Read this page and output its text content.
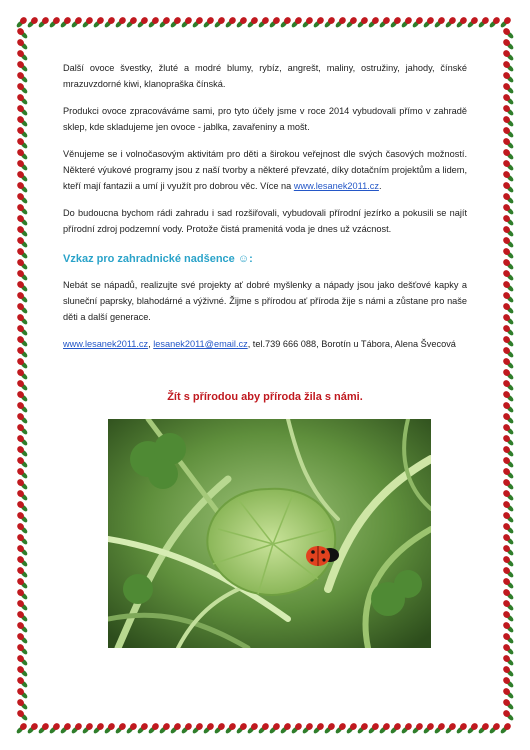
Další ovoce švestky, žluté a modré blumy, rybíz, angrešt, maliny, ostružiny, jahody, čínské mrazuvzdorné kiwi, klanopraška čínská.

Produkci ovoce zpracováváme sami, pro tyto účely jsme v roce 2014 vybudovali přímo v zahradě sklep, kde skladujeme jen ovoce - jablka, zavařeniny a mošt.

Věnujeme se i volnočasovým aktivitám pro děti a širokou veřejnost dle svých časových možností. Některé výukové programy jsou z naší tvorby a některé převzaté, díky dotačním projektům a lidem, kteří mají fantazii a umí ji využít pro dobrou věc. Více na www.lesanek2011.cz.

Do budoucna bychom rádi zahradu i sad rozšiřovali, vybudovali přírodní jezírko a pokusili se najít přírodní zdroj podzemní vody. Protože čistá pramenitá voda je dnes už vzácnost.

Vzkaz pro zahradnické nadšence ☺:

Nebát se nápadů, realizujte své projekty ať dobré myšlenky a nápady jsou jako dešťové kapky a sluneční paprsky, blahodárné a výživné. Žijme s přírodou ať příroda žije s námi a zůstane pro naše děti a další generace.

www.lesanek2011.cz, lesanek2011@email.cz, tel.739 666 088, Borotín u Tábora, Alena Švecová

Žít s přírodou aby příroda žila s námi.
